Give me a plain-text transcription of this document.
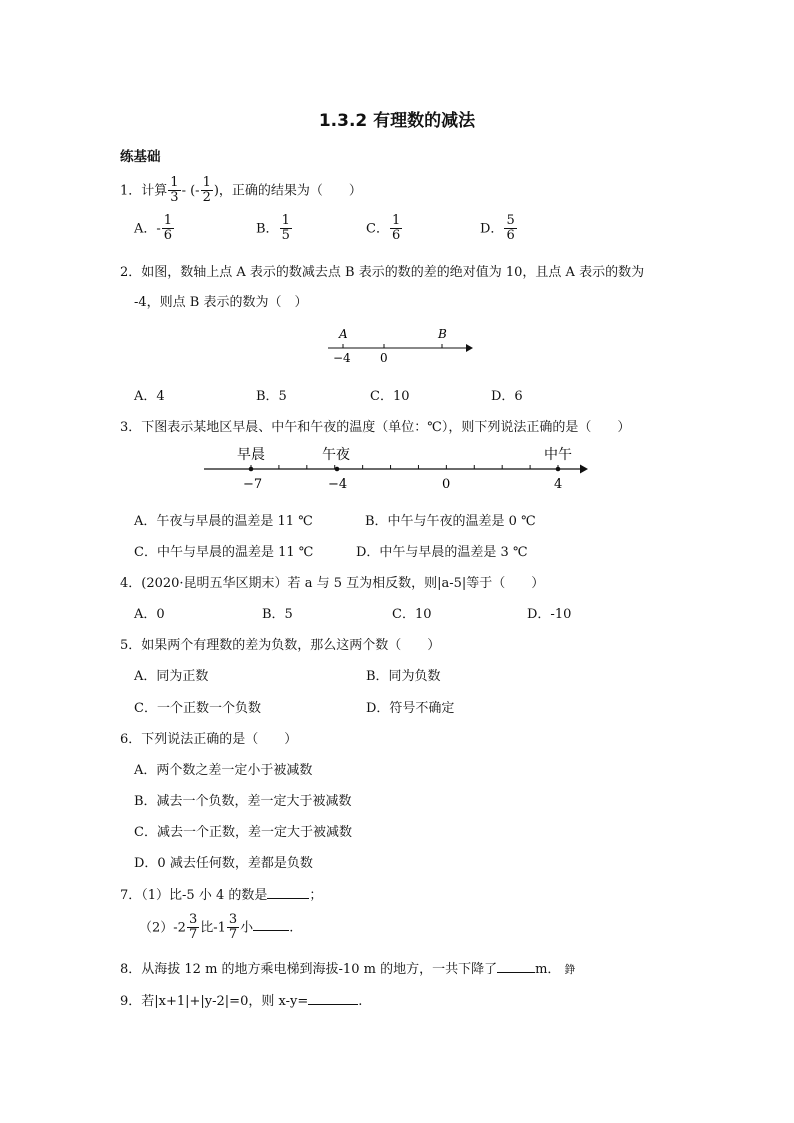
1.3.2 有理数的减法
练基础
1．计算 $\frac{1}{3}$ - (- $\frac{1}{2}$ )，正确的结果为（　　）
A．- $\frac{1}{6}$	B． $\frac{1}{5}$	C． $\frac{1}{6}$	D． $\frac{5}{6}$
2．如图，数轴上点 A 表示的数减去点 B 表示的数的差的绝对值为 10，且点 A 表示的数为
-4，则点 B 表示的数为（　）
A	B
−4 0
A．4	B．5	C．10	D．6
3．下图表示某地区早晨、中午和午夜的温度（单位：℃），则下列说法正确的是（　　）
早晨	午夜	中午
−7	−4	0	4
A．午夜与早晨的温差是 11 ℃	B．中午与午夜的温差是 0 ℃
C．中午与早晨的温差是 11 ℃	D．中午与早晨的温差是 3 ℃
4．(2020·昆明五华区期末）若 a 与 5 互为相反数，则|a-5|等于（　　）
A．0	B．5	C．10	D．-10
5．如果两个有理数的差为负数，那么这两个数（　　）
A．同为正数	B．同为负数
C．一个正数一个负数	D．符号不确定
6．下列说法正确的是（　　）
A．两个数之差一定小于被减数
B．减去一个负数，差一定大于被减数
C．减去一个正数，差一定大于被减数
D．0 减去任何数，差都是负数
7．（1）比-5 小 4 的数是	；
$(2)-2 \frac{3}{7}$ 比$-1 \frac{3}{7}$ 小	.
8．从海拔 12 m 的地方乘电梯到海拔-10 m 的地方，一共下降了	m． 錚
9．若|x+1|+|y-2|=0，则 x-y=	.
